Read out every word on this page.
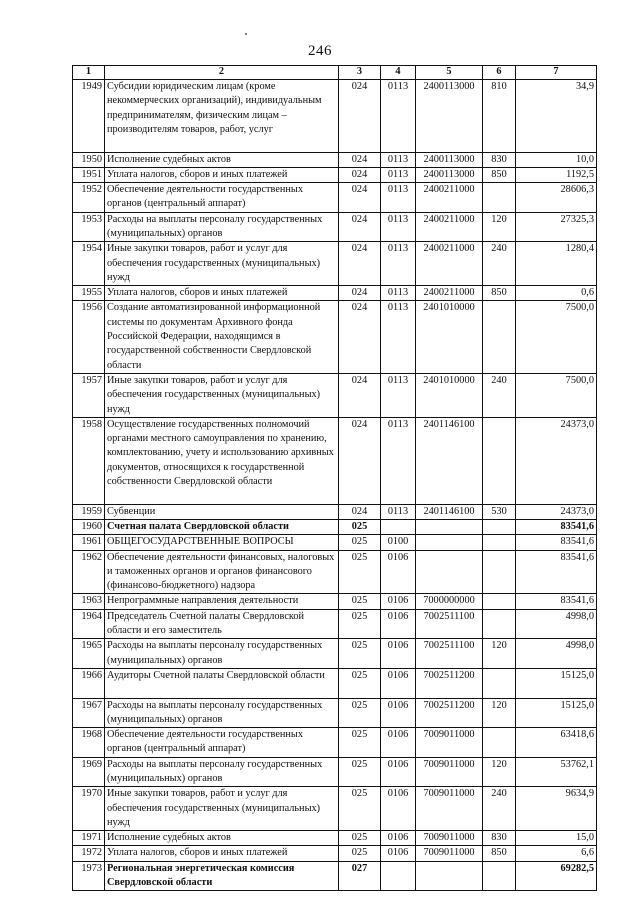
246
1	2	3	4	5	6	7
1949	Субсидии юридическим лицам (кроме некоммерческих организаций), индивидуальным предпринимателям, физическим лицам – производителям товаров, работ, услуг	024	0113	2400113000	810	34,9
1950	Исполнение судебных актов	024	0113	2400113000	830	10,0
1951	Уплата налогов, сборов и иных платежей	024	0113	2400113000	850	1192,5
1952	Обеспечение деятельности государственных органов (центральный аппарат)	024	0113	2400211000		28606,3
1953	Расходы на выплаты персоналу государственных (муниципальных) органов	024	0113	2400211000	120	27325,3
1954	Иные закупки товаров, работ и услуг для обеспечения государственных (муниципальных) нужд	024	0113	2400211000	240	1280,4
1955	Уплата налогов, сборов и иных платежей	024	0113	2400211000	850	0,6
1956	Создание автоматизированной информационной системы по документам Архивного фонда Российской Федерации, находящимся в государственной собственности Свердловской области	024	0113	2401010000		7500,0
1957	Иные закупки товаров, работ и услуг для обеспечения государственных (муниципальных) нужд	024	0113	2401010000	240	7500,0
1958	Осуществление государственных полномочий органами местного самоуправления по хранению, комплектованию, учету и использованию архивных документов, относящихся к государственной собственности Свердловской области	024	0113	2401146100		24373,0
1959	Субвенции	024	0113	2401146100	530	24373,0
1960	Счетная палата Свердловской области	025				83541,6
1961	ОБЩЕГОСУДАРСТВЕННЫЕ ВОПРОСЫ	025	0100			83541,6
1962	Обеспечение деятельности финансовых, налоговых и таможенных органов и органов финансового (финансово-бюджетного) надзора	025	0106			83541,6
1963	Непрограммные направления деятельности	025	0106	7000000000		83541,6
1964	Председатель Счетной палаты Свердловской области и его заместитель	025	0106	7002511100		4998,0
1965	Расходы на выплаты персоналу государственных (муниципальных) органов	025	0106	7002511100	120	4998,0
1966	Аудиторы Счетной палаты Свердловской области	025	0106	7002511200		15125,0
1967	Расходы на выплаты персоналу государственных (муниципальных) органов	025	0106	7002511200	120	15125,0
1968	Обеспечение деятельности государственных органов (центральный аппарат)	025	0106	7009011000		63418,6
1969	Расходы на выплаты персоналу государственных (муниципальных) органов	025	0106	7009011000	120	53762,1
1970	Иные закупки товаров, работ и услуг для обеспечения государственных (муниципальных) нужд	025	0106	7009011000	240	9634,9
1971	Исполнение судебных актов	025	0106	7009011000	830	15,0
1972	Уплата налогов, сборов и иных платежей	025	0106	7009011000	850	6,6
1973	Региональная энергетическая комиссия Свердловской области	027				69282,5
